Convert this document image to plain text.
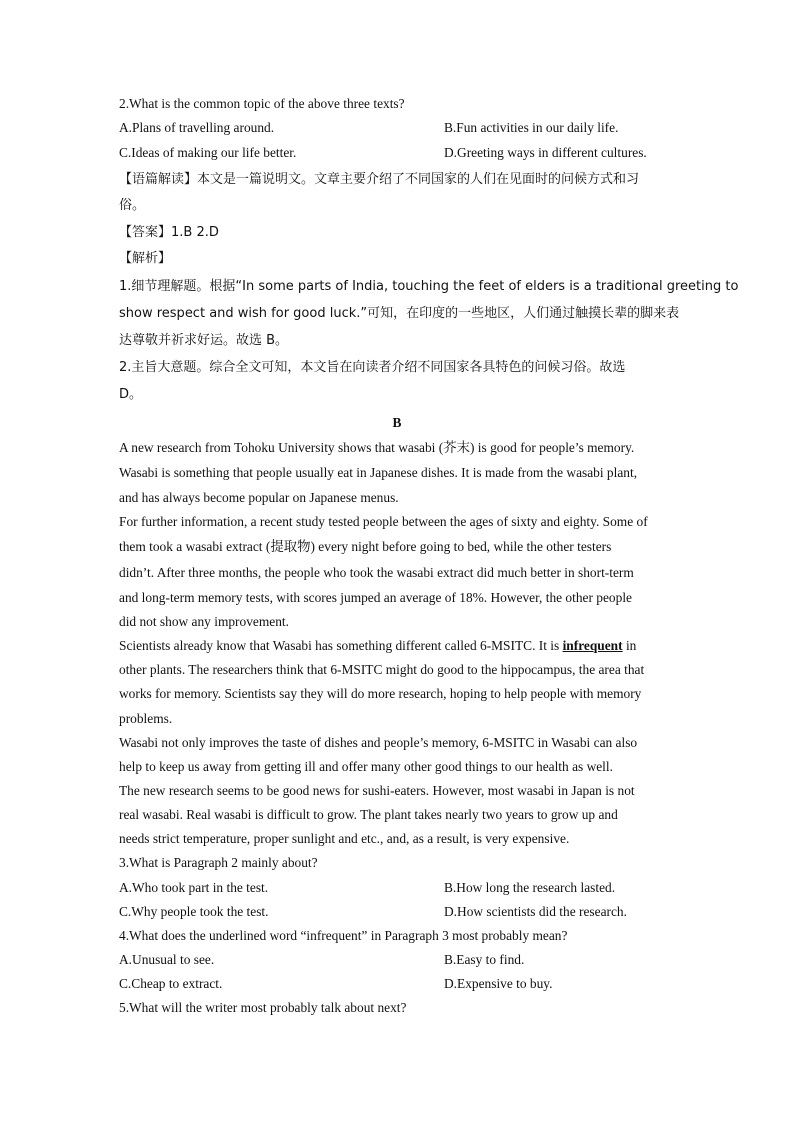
2.What is the common topic of the above three texts?
A.Plans of travelling around.	B.Fun activities in our daily life.
C.Ideas of making our life better.	D.Greeting ways in different cultures.
【语篇解读】本文是一篇说明文。文章主要介绍了不同国家的人们在见面时的问候方式和习
俗。
【答案】1.B 2.D
【解析】
1.细节理解题。根据“In some parts of India, touching the feet of elders is a traditional greeting to
show respect and wish for good luck.”可知，在印度的一些地区，人们通过触摸长辈的脚来表
达尊敬并祈求好运。故选 B。
2.主旨大意题。综合全文可知，本文旨在向读者介绍不同国家各具特色的问候习俗。故选
D。
B
A new research from Tohoku University shows that wasabi (芥末) is good for people’s memory.
Wasabi is something that people usually eat in Japanese dishes. It is made from the wasabi plant,
and has always become popular on Japanese menus.
For further information, a recent study tested people between the ages of sixty and eighty. Some of
them took a wasabi extract (提取物) every night before going to bed, while the other testers
didn’t. After three months, the people who took the wasabi extract did much better in short-term
and long-term memory tests, with scores jumped an average of 18%. However, the other people
did not show any improvement.
Scientists already know that Wasabi has something different called 6-MSITC. It is infrequent in
other plants. The researchers think that 6-MSITC might do good to the hippocampus, the area that
works for memory. Scientists say they will do more research, hoping to help people with memory
problems.
Wasabi not only improves the taste of dishes and people’s memory, 6-MSITC in Wasabi can also
help to keep us away from getting ill and offer many other good things to our health as well.
The new research seems to be good news for sushi-eaters. However, most wasabi in Japan is not
real wasabi. Real wasabi is difficult to grow. The plant takes nearly two years to grow up and
needs strict temperature, proper sunlight and etc., and, as a result, is very expensive.
3.What is Paragraph 2 mainly about?
A.Who took part in the test.	B.How long the research lasted.
C.Why people took the test.	D.How scientists did the research.
4.What does the underlined word “infrequent” in Paragraph 3 most probably mean?
A.Unusual to see.	B.Easy to find.
C.Cheap to extract.	D.Expensive to buy.
5.What will the writer most probably talk about next?
